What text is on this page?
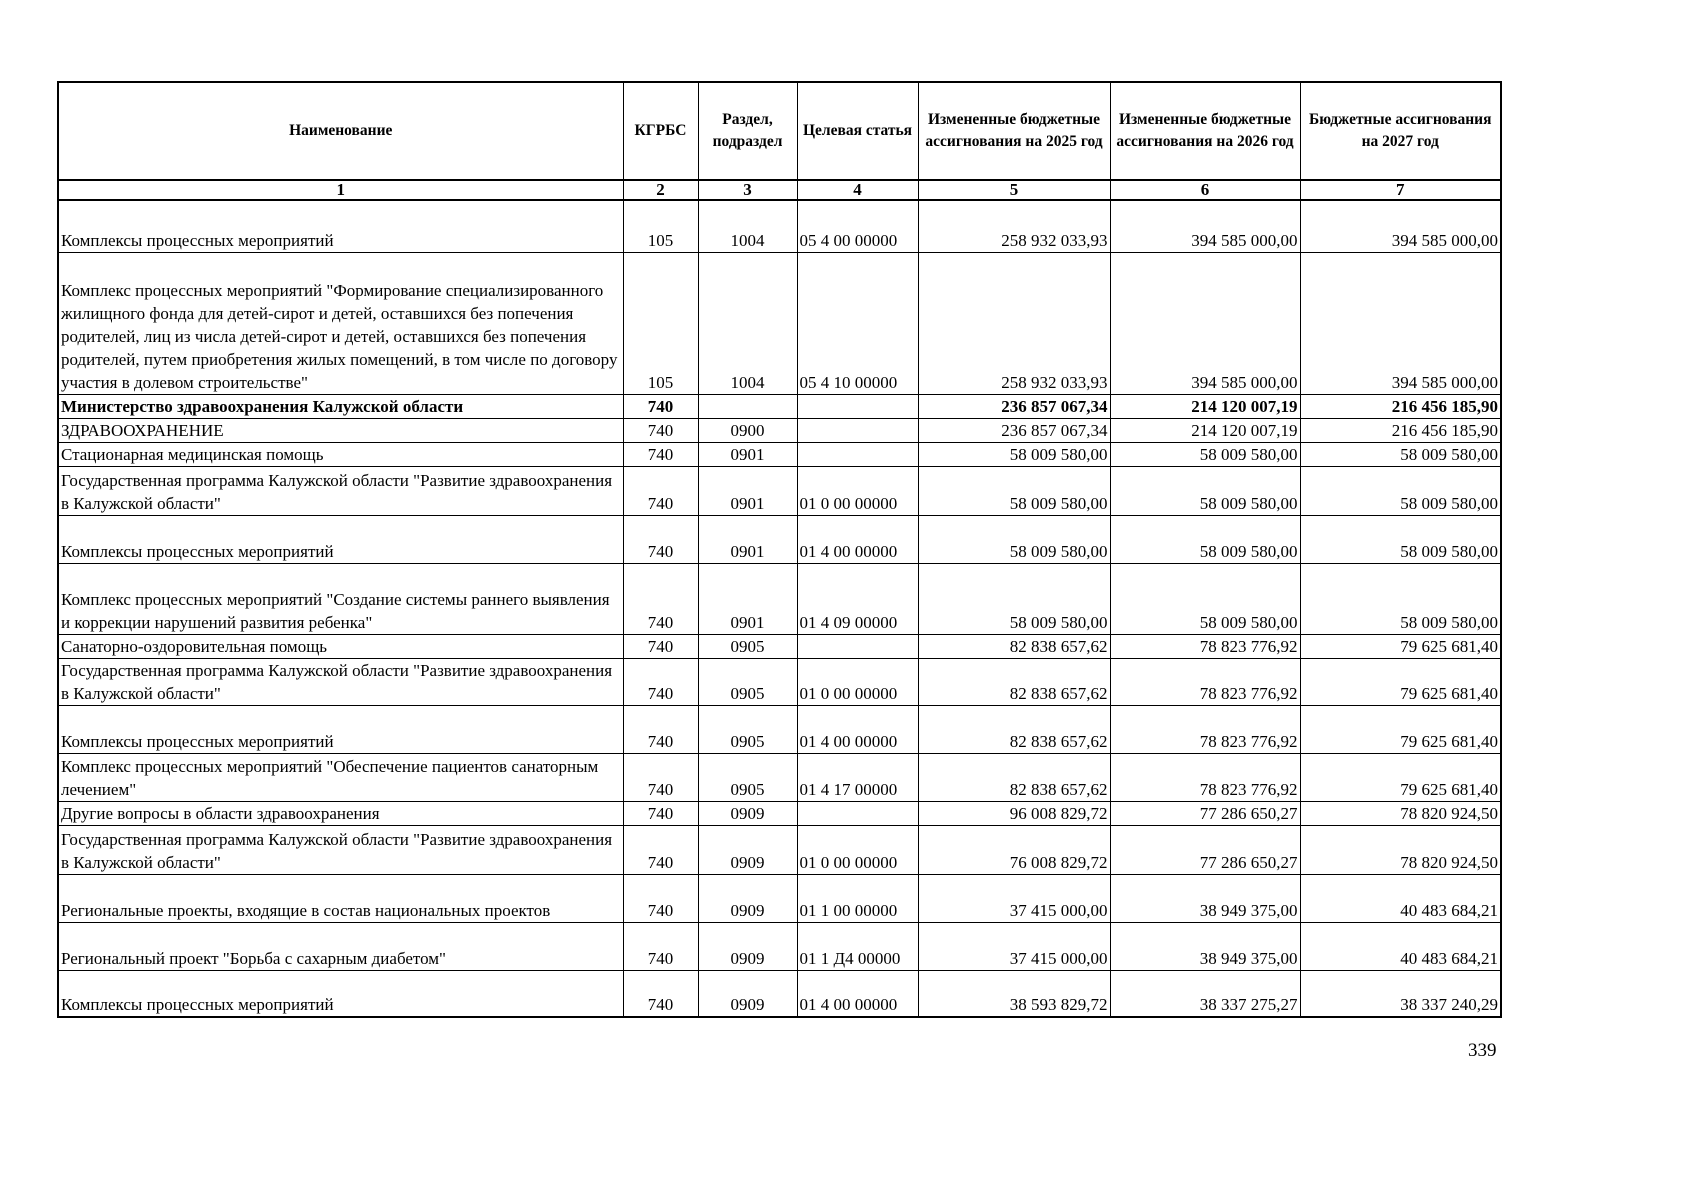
Наименование	КГРБС	Раздел, подраздел	Целевая статья	Измененные бюджетные ассигнования на 2025 год	Измененные бюджетные ассигнования на 2026 год	Бюджетные ассигнования на 2027 год
1	2	3	4	5	6	7
Комплексы процессных мероприятий	105	1004	05 4 00 00000	258 932 033,93	394 585 000,00	394 585 000,00
Комплекс процессных мероприятий "Формирование специализированного жилищного фонда для детей-сирот и детей, оставшихся без попечения родителей, лиц из числа детей-сирот и детей, оставшихся без попечения родителей, путем приобретения жилых помещений, в том числе по договору участия в долевом строительстве"	105	1004	05 4 10 00000	258 932 033,93	394 585 000,00	394 585 000,00
Министерство здравоохранения Калужской области	740			236 857 067,34	214 120 007,19	216 456 185,90
ЗДРАВООХРАНЕНИЕ	740	0900		236 857 067,34	214 120 007,19	216 456 185,90
Стационарная медицинская помощь	740	0901		58 009 580,00	58 009 580,00	58 009 580,00
Государственная программа Калужской области "Развитие здравоохранения в Калужской области"	740	0901	01 0 00 00000	58 009 580,00	58 009 580,00	58 009 580,00
Комплексы процессных мероприятий	740	0901	01 4 00 00000	58 009 580,00	58 009 580,00	58 009 580,00
Комплекс процессных мероприятий "Создание системы раннего выявления и коррекции нарушений развития ребенка"	740	0901	01 4 09 00000	58 009 580,00	58 009 580,00	58 009 580,00
Санаторно-оздоровительная помощь	740	0905		82 838 657,62	78 823 776,92	79 625 681,40
Государственная программа Калужской области "Развитие здравоохранения в Калужской области"	740	0905	01 0 00 00000	82 838 657,62	78 823 776,92	79 625 681,40
Комплексы процессных мероприятий	740	0905	01 4 00 00000	82 838 657,62	78 823 776,92	79 625 681,40
Комплекс процессных мероприятий "Обеспечение пациентов санаторным лечением"	740	0905	01 4 17 00000	82 838 657,62	78 823 776,92	79 625 681,40
Другие вопросы в области здравоохранения	740	0909		96 008 829,72	77 286 650,27	78 820 924,50
Государственная программа Калужской области "Развитие здравоохранения в Калужской области"	740	0909	01 0 00 00000	76 008 829,72	77 286 650,27	78 820 924,50
Региональные проекты, входящие в состав национальных проектов	740	0909	01 1 00 00000	37 415 000,00	38 949 375,00	40 483 684,21
Региональный проект "Борьба с сахарным диабетом"	740	0909	01 1 Д4 00000	37 415 000,00	38 949 375,00	40 483 684,21
Комплексы процессных мероприятий	740	0909	01 4 00 00000	38 593 829,72	38 337 275,27	38 337 240,29
339
